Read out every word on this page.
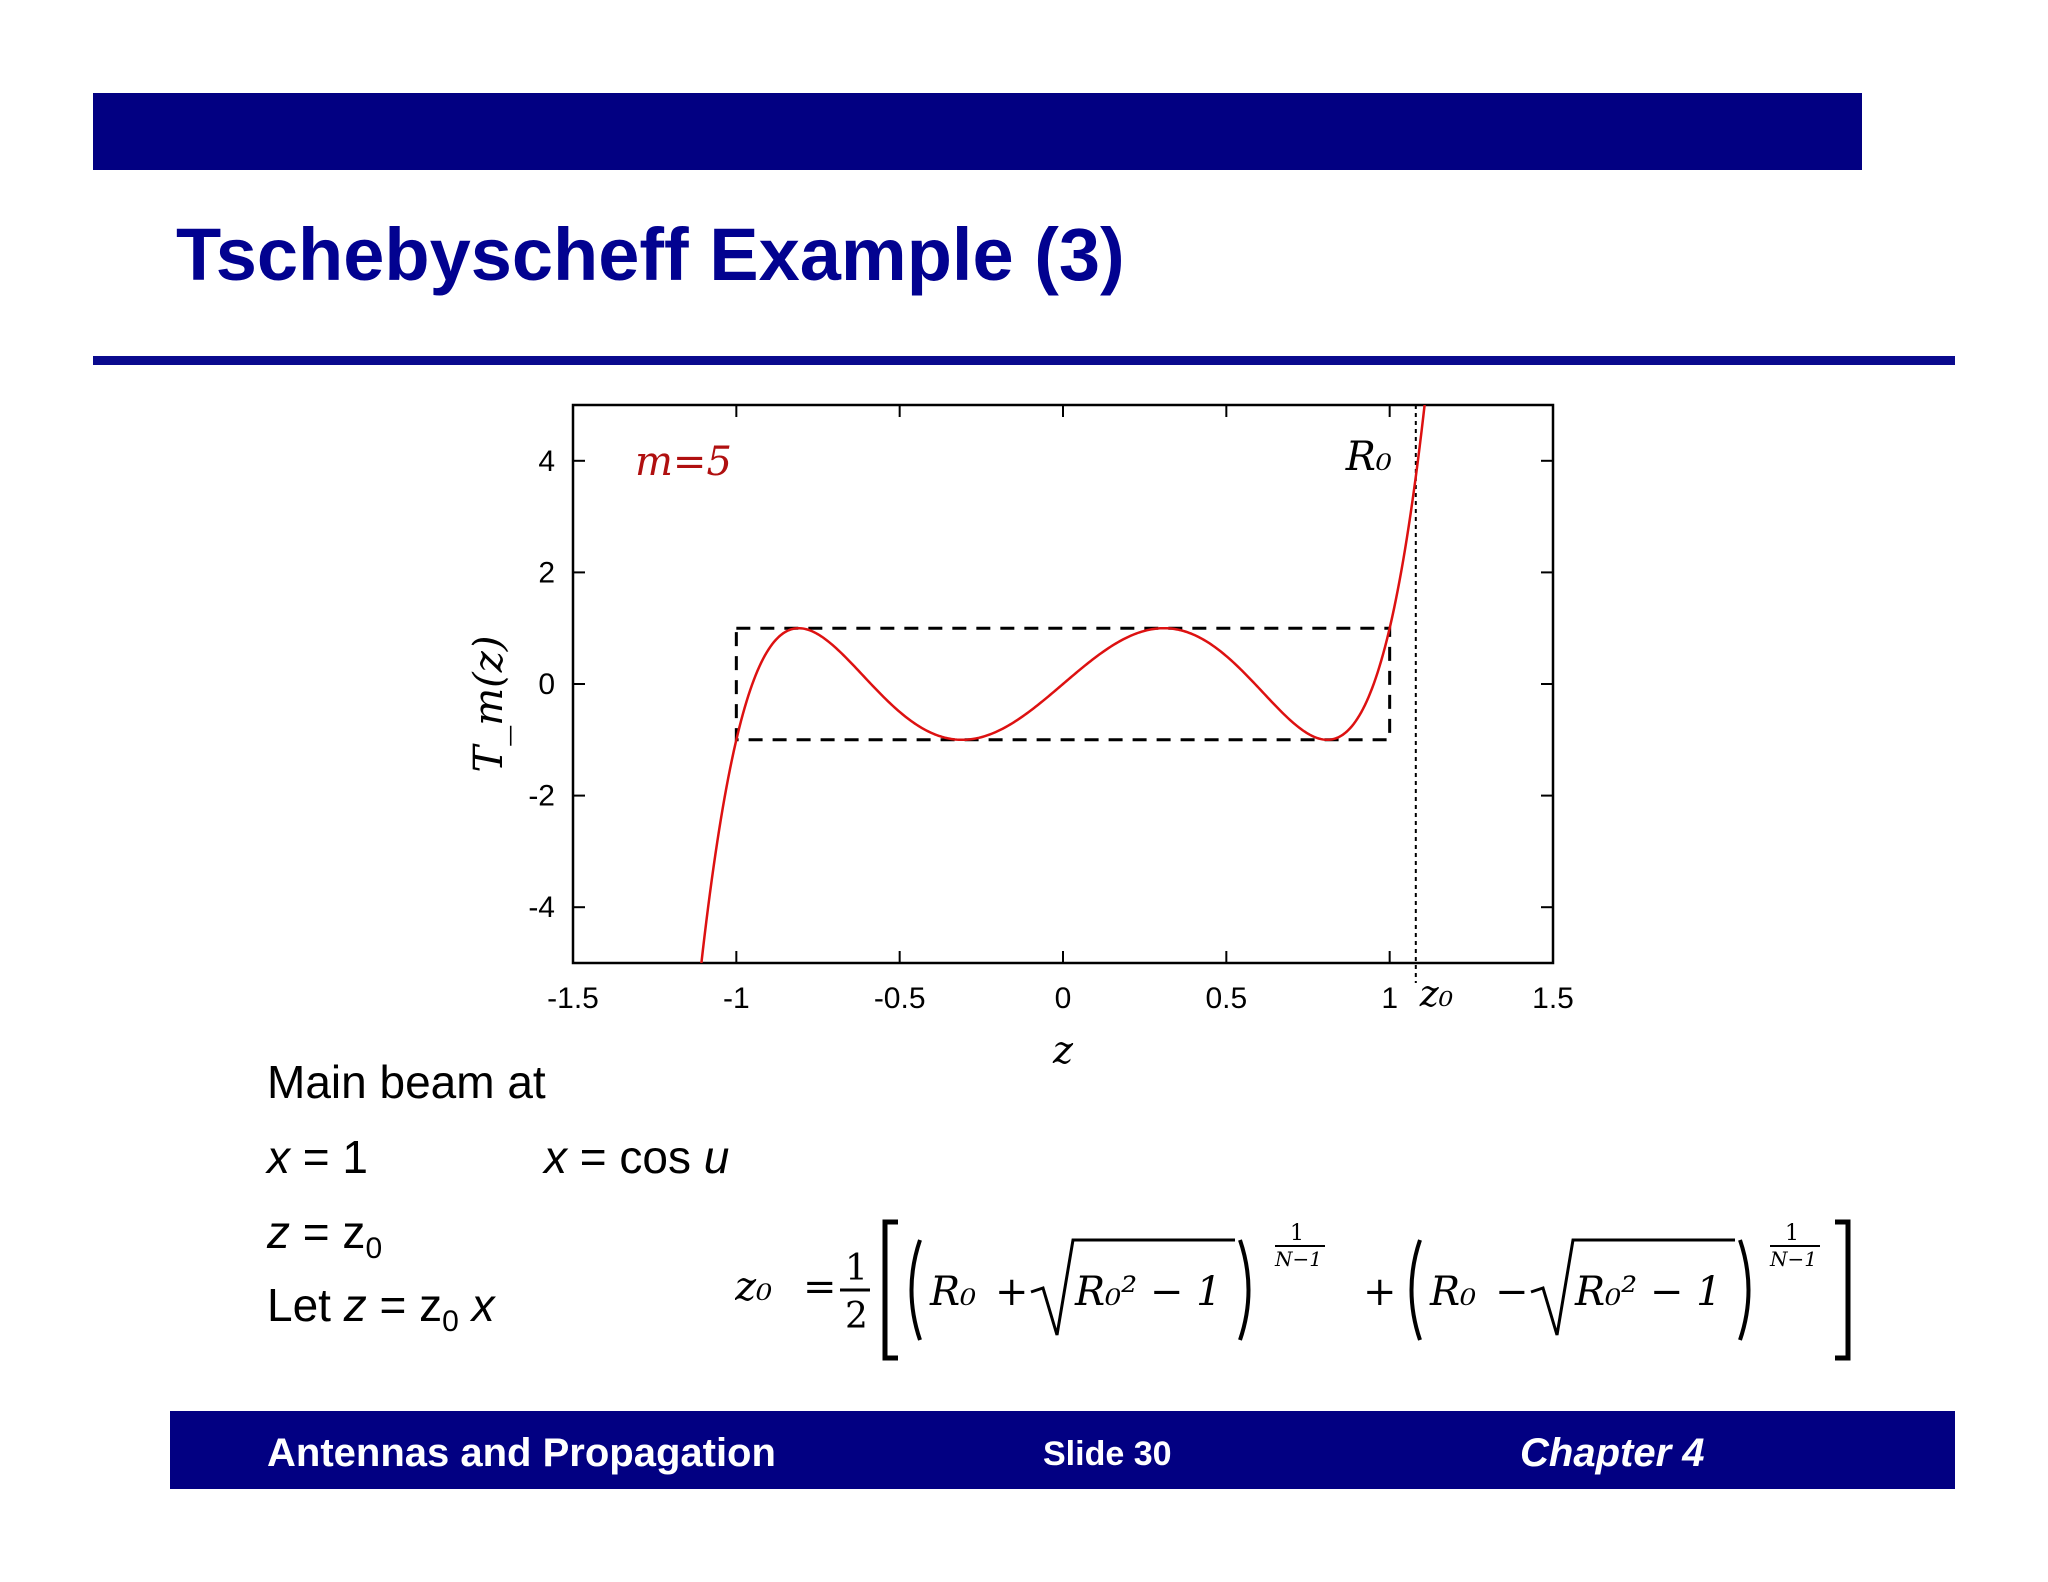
Tschebyscheff Example (3)
-1.5	-1	-0.5	0	0.5	1	1.5
-4
-2
0
2
4 m=5	R₀
z₀
z
T_m(z)
Main beam at
x = 1	x = cos u
$z = z_0$
Let $z = z_0$ x	z₀ = 1
2
R₀ + R₀² − 1
1
N−1
+ R₀ − R₀² − 1
1
N−1
Antennas and Propagation	Slide 30	Chapter 4
